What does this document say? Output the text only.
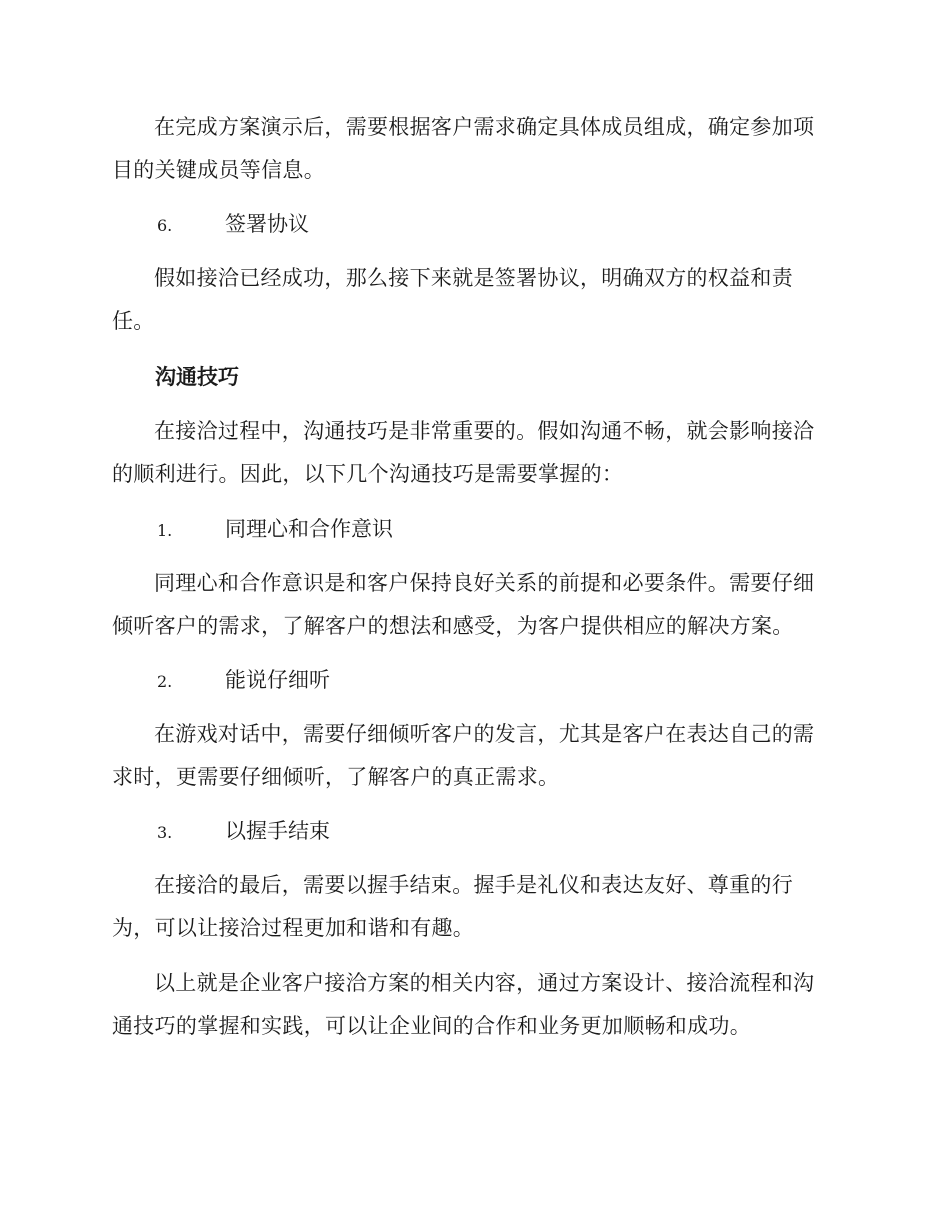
在完成方案演示后，需要根据客户需求确定具体成员组成，确定参加项目的关键成员等信息。

6.	签署协议

假如接洽已经成功，那么接下来就是签署协议，明确双方的权益和责任。

沟通技巧

在接洽过程中，沟通技巧是非常重要的。假如沟通不畅，就会影响接洽的顺利进行。因此，以下几个沟通技巧是需要掌握的：

1.	同理心和合作意识

同理心和合作意识是和客户保持良好关系的前提和必要条件。需要仔细倾听客户的需求，了解客户的想法和感受，为客户提供相应的解决方案。

2.	能说仔细听

在游戏对话中，需要仔细倾听客户的发言，尤其是客户在表达自己的需求时，更需要仔细倾听，了解客户的真正需求。

3.	以握手结束

在接洽的最后，需要以握手结束。握手是礼仪和表达友好、尊重的行为，可以让接洽过程更加和谐和有趣。

以上就是企业客户接洽方案的相关内容，通过方案设计、接洽流程和沟通技巧的掌握和实践，可以让企业间的合作和业务更加顺畅和成功。
